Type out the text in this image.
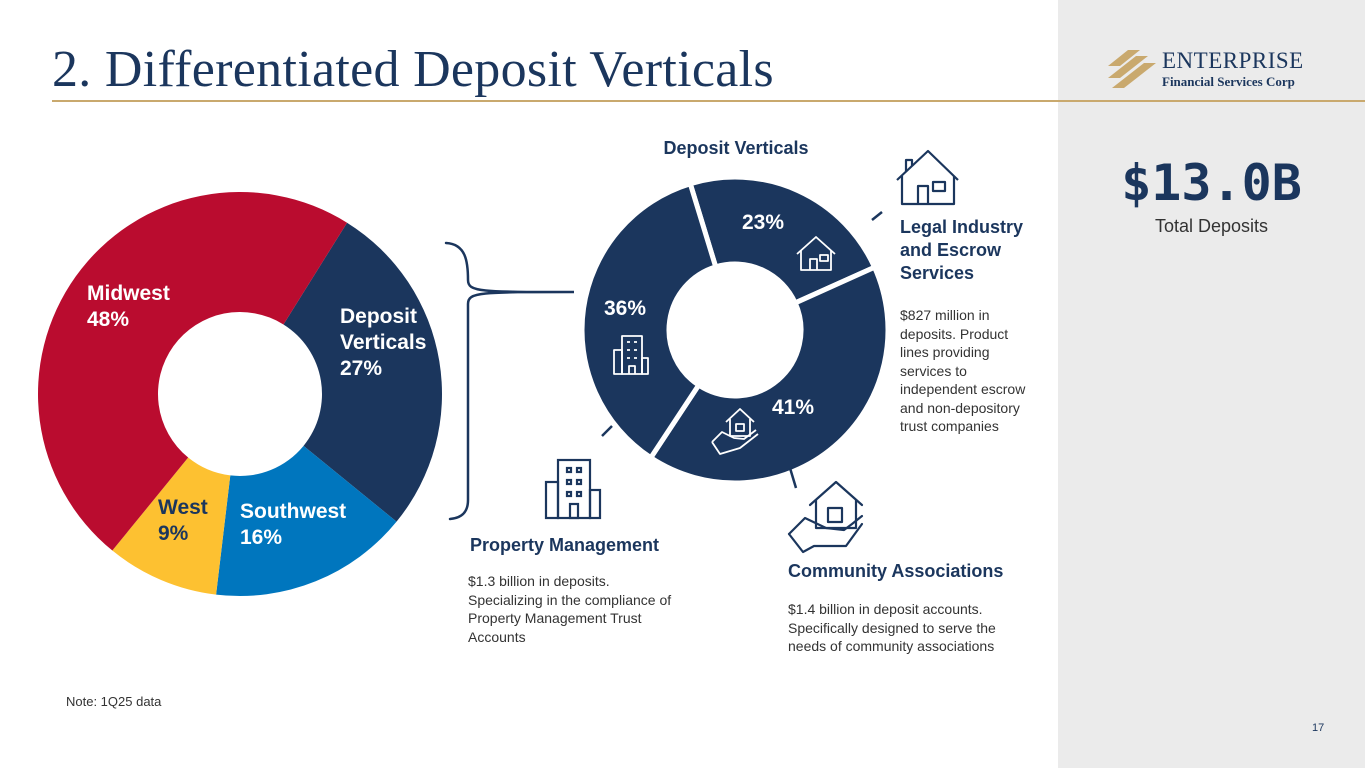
2. Differentiated Deposit Verticals	ENTERPRISE
Financial Services Corp
$13.0B
Total Deposits
Deposit Verticals 27%
Southwest 16%
West 9%
Midwest 48%
23%
41%
36%
Deposit Verticals
Legal Industry
and Escrow
Services
$827 million in
deposits. Product
lines providing
services to
independent escrow
and non-depository
trust companies
Property Management
$1.3 billion in deposits.
Specializing in the compliance of
Property Management Trust
Accounts
Community Associations
$1.4 billion in deposit accounts.
Specifically designed to serve the
needs of community associations
Note: 1Q25 data
17
